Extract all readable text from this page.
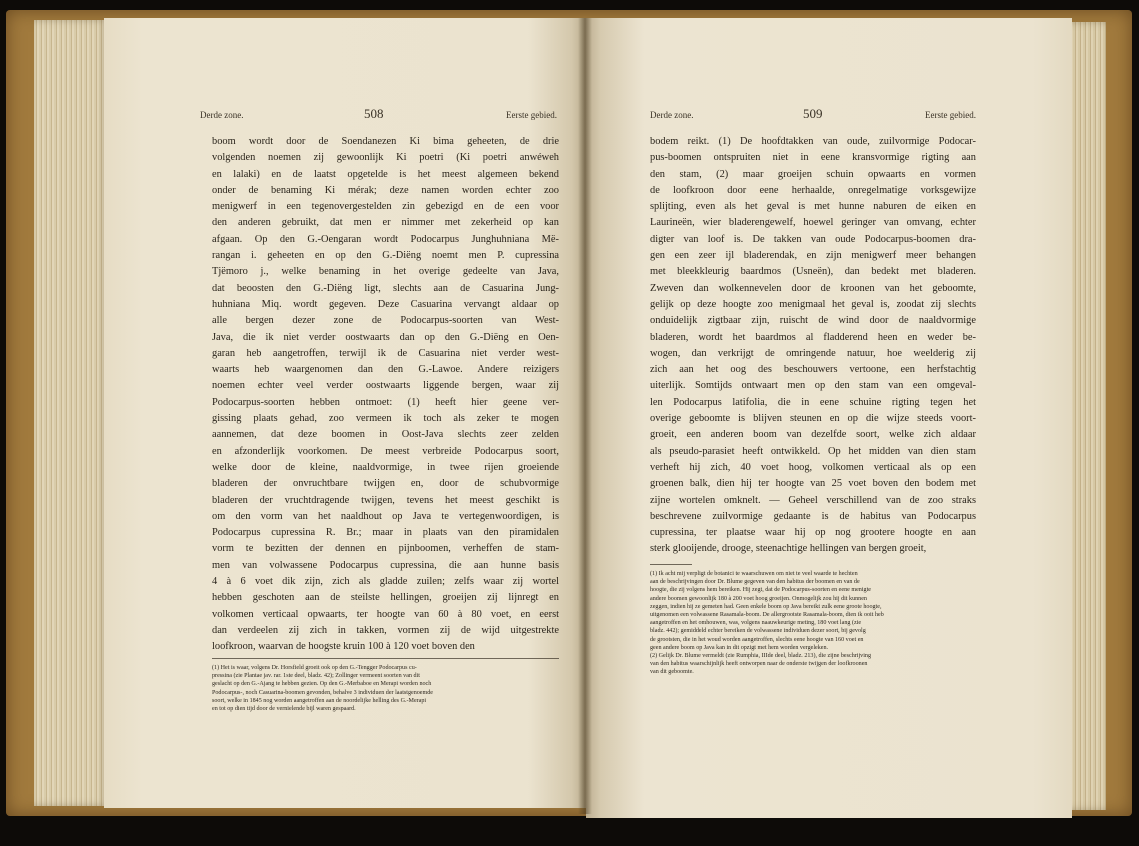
Derde zone.	508	Eerste gebied.

boom wordt door de Soendanezen Ki bima geheeten, de drie

volgenden noemen zij gewoonlijk Ki poetri (Ki poetri anwéweh

en lalaki) en de laatst opgetelde is het meest algemeen bekend

onder de benaming Ki mérak; deze namen worden echter zoo

menigwerf in een tegenovergestelden zin gebezigd en de een voor

den anderen gebruikt, dat men er nimmer met zekerheid op kan

afgaan. Op den G.-Oengaran wordt Podocarpus Junghuhniana Më-

rangan i. geheeten en op den G.-Diëng noemt men P. cupressina

Tjëmoro j., welke benaming in het overige gedeelte van Java,

dat beoosten den G.-Diëng ligt, slechts aan de Casuarina Jung-

huhniana Miq. wordt gegeven. Deze Casuarina vervangt aldaar op

alle bergen dezer zone de Podocarpus-soorten van West-

Java, die ik niet verder oostwaarts dan op den G.-Diëng en Oen-

garan heb aangetroffen, terwijl ik de Casuarina niet verder west-

waarts heb waargenomen dan den G.-Lawoe. Andere reizigers

noemen echter veel verder oostwaarts liggende bergen, waar zij

Podocarpus-soorten hebben ontmoet: (1) heeft hier geene ver-

gissing plaats gehad, zoo vermeen ik toch als zeker te mogen

aannemen, dat deze boomen in Oost-Java slechts zeer zelden

en afzonderlijk voorkomen. De meest verbreide Podocarpus soort,

welke door de kleine, naaldvormige, in twee rijen groeiende

bladeren der onvruchtbare twijgen en, door de schubvormige

bladeren der vruchtdragende twijgen, tevens het meest geschikt is

om den vorm van het naaldhout op Java te vertegenwoordigen, is

Podocarpus cupressina R. Br.; maar in plaats van den piramidalen

vorm te bezitten der dennen en pijnboomen, verheffen de stam-

men van volwassene Podocarpus cupressina, die aan hunne basis

4 à 6 voet dik zijn, zich als gladde zuilen; zelfs waar zij wortel

hebben geschoten aan de steilste hellingen, groeijen zij lijnregt en

volkomen verticaal opwaarts, ter hoogte van 60 à 80 voet, en eerst

dan verdeelen zij zich in takken, vormen zij de wijd uitgestrekte

loofkroon, waarvan de hoogste kruin 100 à 120 voet boven den

(1) Het is waar, volgens Dr. Horsfield groeit ook op den G.-Tengger Podocarpus cu-

pressina (zie Plantae jav. rar. 1ste deel, bladz. 42); Zollinger vermeent soorten van dit

geslacht op den G.-Ajang te hebben gezien. Op den G.-Merbaboe en Merapi worden noch

Podocarpus-, noch Casuarina-boomen gevonden, behalve 3 individuen der laatstgenoemde

soort, welke in 1845 nog worden aangetroffen aan de noordelijke helling des G.-Merapi

en tot op dien tijd door de vernielende bijl waren gespaard.

Derde zone.	509	Eerste gebied.

bodem reikt. (1) De hoofdtakken van oude, zuilvormige Podocar-

pus-boomen ontspruiten niet in eene kransvormige rigting aan

den stam, (2) maar groeijen schuin opwaarts en vormen

de loofkroon door eene herhaalde, onregelmatige vorksgewijze

splijting, even als het geval is met hunne naburen de eiken en

Laurineën, wier bladerengewelf, hoewel geringer van omvang, echter

digter van loof is. De takken van oude Podocarpus-boomen dra-

gen een zeer ijl bladerendak, en zijn menigwerf meer behangen

met bleekkleurig baardmos (Usneën), dan bedekt met bladeren.

Zweven dan wolkennevelen door de kroonen van het geboomte,

gelijk op deze hoogte zoo menigmaal het geval is, zoodat zij slechts

onduidelijk zigtbaar zijn, ruischt de wind door de naaldvormige

bladeren, wordt het baardmos al fladderend heen en weder be-

wogen, dan verkrijgt de omringende natuur, hoe weelderig zij

zich aan het oog des beschouwers vertoone, een herfstachtig

uiterlijk. Somtijds ontwaart men op den stam van een omgeval-

len Podocarpus latifolia, die in eene schuine rigting tegen het

overige geboomte is blijven steunen en op die wijze steeds voort-

groeit, een anderen boom van dezelfde soort, welke zich aldaar

als pseudo-parasiet heeft ontwikkeld. Op het midden van dien stam

verheft hij zich, 40 voet hoog, volkomen verticaal als op een

groenen balk, dien hij ter hoogte van 25 voet boven den bodem met

zijne wortelen omknelt. — Geheel verschillend van de zoo straks

beschrevene zuilvormige gedaante is de habitus van Podocarpus

cupressina, ter plaatse waar hij op nog grootere hoogte en aan

sterk glooijende, drooge, steenachtige hellingen van bergen groeit,

(1) Ik acht mij verpligt de botanici te waarschuwen om niet te veel waarde te hechten

aan de beschrijvingen door Dr. Blume gegeven van den habitus der boomen en van de

hoogte, die zij volgens hem bereiken. Hij zegt, dat de Podocarpus-soorten en eene menigte

andere boomen gewoonlijk 180 à 200 voet hoog groeijen. Onmogelijk zou hij dit kunnen

zeggen, indien hij ze gemeten had. Geen enkele boom op Java bereikt zulk eene groote hoogte,

uitgenomen een volwassene Rasamala-boom. De allergrootste Rasamala-boom, dien ik ooit heb

aangetroffen en het omhouwen, was, volgens naauwkeurige meting, 180 voet lang (zie

bladz. 442); gemiddeld echter bereiken de volwassene individuen dezer soort, bij gevolg

de grootsten, die in het woud worden aangetroffen, slechts eene hoogte van 160 voet en

geen andere boom op Java kan in dit opzigt met hem worden vergeleken.

(2) Gelijk Dr. Blume vermeldt (zie Rumphia, IIIde deel, bladz. 213), die zijne beschrijving

van den habitus waarschijnlijk heeft ontworpen naar de onderste twijgen der loofkroonen

van dit geboomte.
